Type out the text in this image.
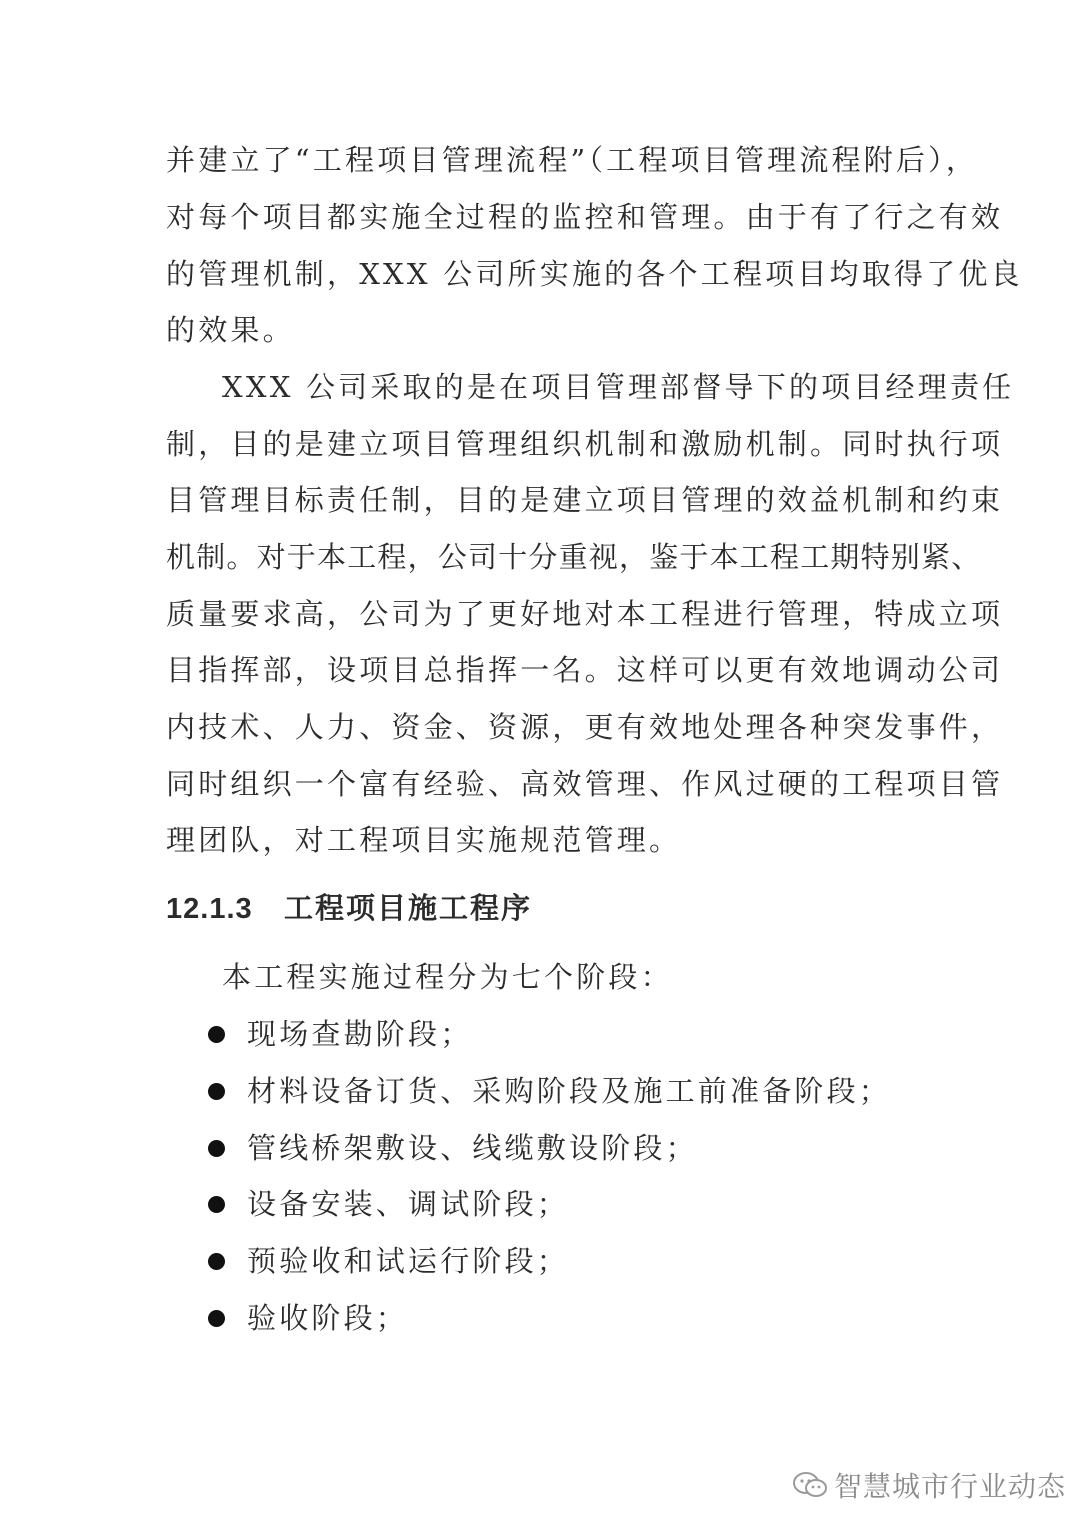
并建立了“工程项目管理流程”（工程项目管理流程附后），
对每个项目都实施全过程的监控和管理。由于有了行之有效
的管理机制，XXX 公司所实施的各个工程项目均取得了优良
的效果。
XXX 公司采取的是在项目管理部督导下的项目经理责任
制，目的是建立项目管理组织机制和激励机制。同时执行项
目管理目标责任制，目的是建立项目管理的效益机制和约束
机制。对于本工程，公司十分重视，鉴于本工程工期特别紧、
质量要求高，公司为了更好地对本工程进行管理，特成立项
目指挥部，设项目总指挥一名。这样可以更有效地调动公司
内技术、人力、资金、资源，更有效地处理各种突发事件，
同时组织一个富有经验、高效管理、作风过硬的工程项目管
理团队，对工程项目实施规范管理。
12.1.3 工程项目施工程序
本工程实施过程分为七个阶段：
现场查勘阶段；
材料设备订货、采购阶段及施工前准备阶段；
管线桥架敷设、线缆敷设阶段；
设备安装、调试阶段；
预验收和试运行阶段；
验收阶段；
智慧城市行业动态
